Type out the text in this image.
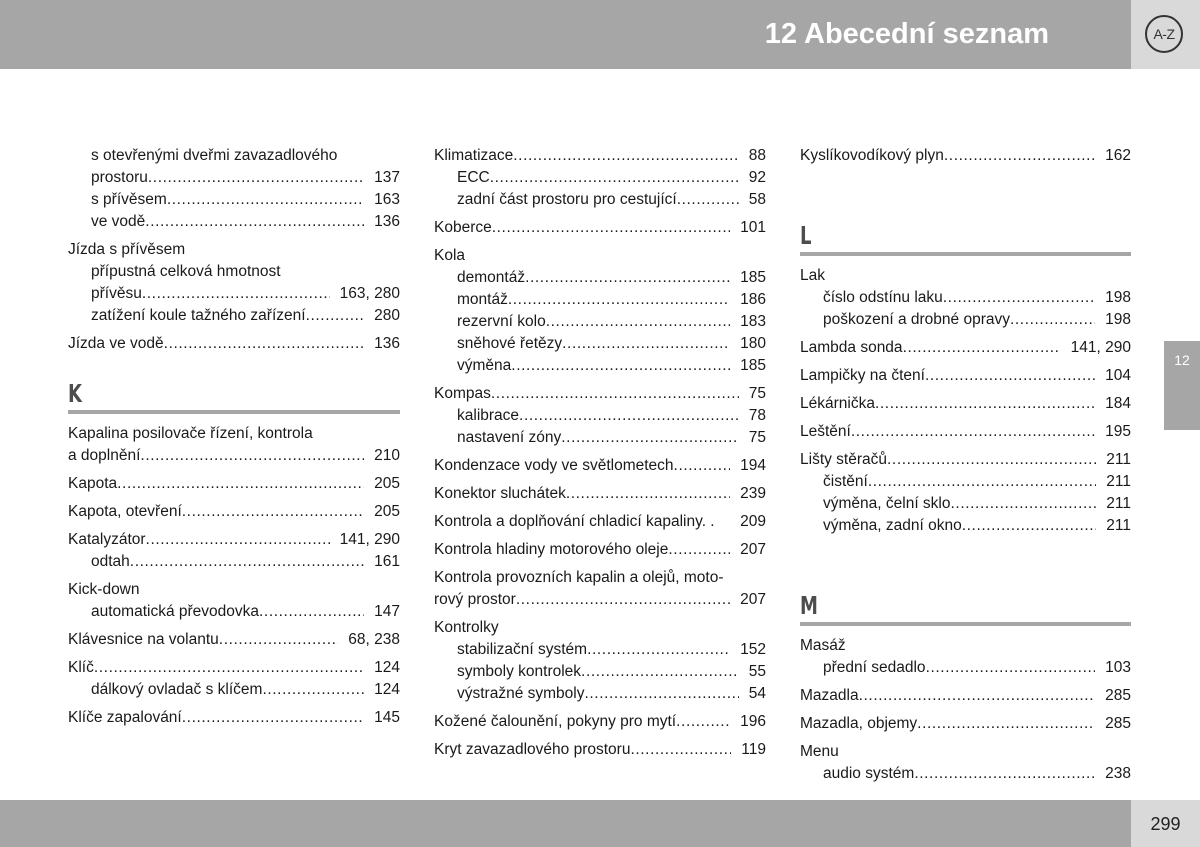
12 Abecední seznam	A-Z
12
s otevřenými dveřmi zavazadlového
prostoru .....	137
s přívěsem .....	163
ve vodě .....	136
Jízda s přívěsem
přípustná celková hmotnost
přívěsu .....	163, 280
zatížení koule tažného zařízení .....	280
Jízda ve vodě .....	136
K
Kapalina posilovače řízení, kontrola
a doplnění .....	210
Kapota .....	205
Kapota, otevření .....	205
Katalyzátor .....	141, 290
odtah .....	161
Kick-down
automatická převodovka .....	147
Klávesnice na volantu .....	68, 238
Klíč .....	124
dálkový ovladač s klíčem .....	124
Klíče zapalování .....	145
Klimatizace .....	88
ECC .....	92
zadní část prostoru pro cestující .....	58
Koberce .....	101
Kola
demontáž .....	185
montáž .....	186
rezervní kolo .....	183
sněhové řetězy .....	180
výměna .....	185
Kompas .....	75
kalibrace .....	78
nastavení zóny .....	75
Kondenzace vody ve světlometech .....	194
Konektor sluchátek .....	239
Kontrola a doplňování chladicí kapaliny. .	209
Kontrola hladiny motorového oleje .....	207
Kontrola provozních kapalin a olejů, moto-
rový prostor .....	207
Kontrolky
stabilizační systém .....	152
symboly kontrolek .....	55
výstražné symboly .....	54
Kožené čalounění, pokyny pro mytí .....	196
Kryt zavazadlového prostoru .....	119
Kyslíkovodíkový plyn .....	162
L
Lak
číslo odstínu laku .....	198
poškození a drobné opravy .....	198
Lambda sonda .....	141, 290
Lampičky na čtení .....	104
Lékárnička .....	184
Leštění .....	195
Lišty stěračů .....	211
čistění .....	211
výměna, čelní sklo .....	211
výměna, zadní okno .....	211
M
Masáž
přední sedadlo .....	103
Mazadla .....	285
Mazadla, objemy .....	285
Menu
audio systém .....	238
299
